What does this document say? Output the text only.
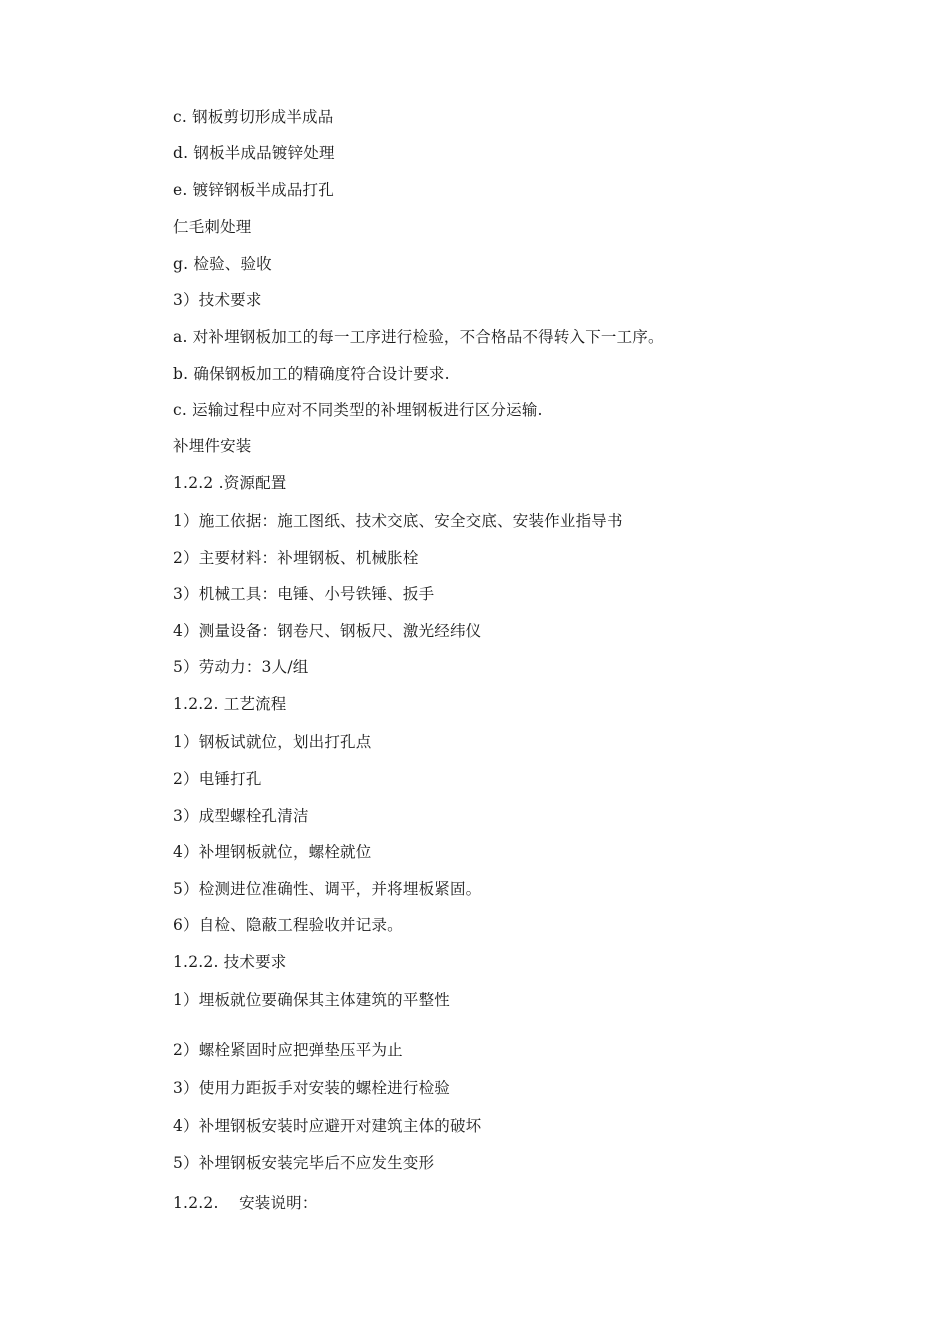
c. 钢板剪切形成半成品
d. 钢板半成品镀锌处理
e. 镀锌钢板半成品打孔
仁毛刺处理
g. 检验、验收
3）技术要求
a. 对补埋钢板加工的每一工序进行检验，不合格品不得转入下一工序。
b. 确保钢板加工的精确度符合设计要求.
c. 运输过程中应对不同类型的补埋钢板进行区分运输.
补埋件安装
1.2.2 .资源配置
1）施工依据：施工图纸、技术交底、安全交底、安装作业指导书
2）主要材料：补埋钢板、机械胀栓
3）机械工具：电锤、小号铁锤、扳手
4）测量设备：钢卷尺、钢板尺、激光经纬仪
5）劳动力：3人/组
1.2.2. 工艺流程
1）钢板试就位，划出打孔点
2）电锤打孔
3）成型螺栓孔清洁
4）补埋钢板就位，螺栓就位
5）检测进位准确性、调平，并将埋板紧固。
6）自检、隐蔽工程验收并记录。
1.2.2. 技术要求
1）埋板就位要确保其主体建筑的平整性
2）螺栓紧固时应把弹垫压平为止
3）使用力距扳手对安装的螺栓进行检验
4）补埋钢板安装时应避开对建筑主体的破坏
5）补埋钢板安装完毕后不应发生变形
1.2.2.    安装说明：
